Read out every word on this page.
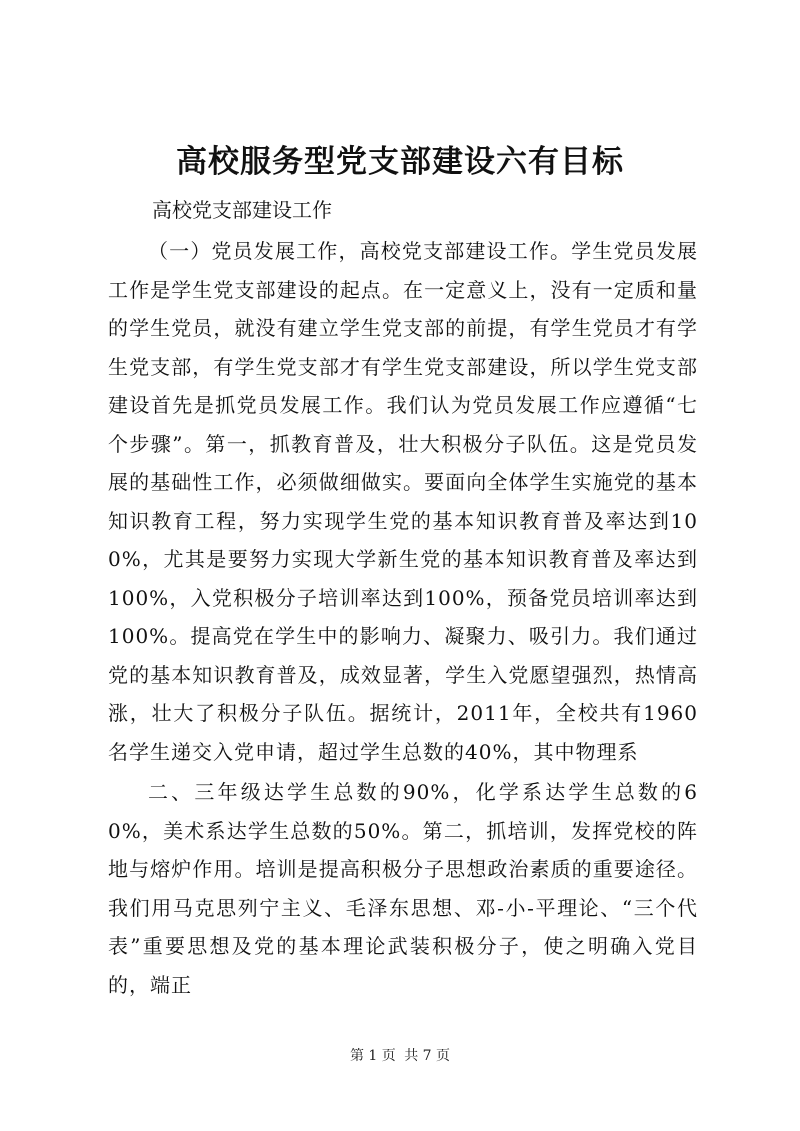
高校服务型党支部建设六有目标

高校党支部建设工作

（一）党员发展工作，高校党支部建设工作。学生党员发展工作是学生党支部建设的起点。在一定意义上，没有一定质和量的学生党员，就没有建立学生党支部的前提，有学生党员才有学生党支部，有学生党支部才有学生党支部建设，所以学生党支部建设首先是抓党员发展工作。我们认为党员发展工作应遵循“七个步骤”。第一，抓教育普及，壮大积极分子队伍。这是党员发展的基础性工作，必须做细做实。要面向全体学生实施党的基本知识教育工程，努力实现学生党的基本知识教育普及率达到100%，尤其是要努力实现大学新生党的基本知识教育普及率达到100%，入党积极分子培训率达到100%，预备党员培训率达到100%。提高党在学生中的影响力、凝聚力、吸引力。我们通过党的基本知识教育普及，成效显著，学生入党愿望强烈，热情高涨，壮大了积极分子队伍。据统计，2011年，全校共有1960名学生递交入党申请，超过学生总数的40%，其中物理系

二、三年级达学生总数的90%，化学系达学生总数的60%，美术系达学生总数的50%。第二，抓培训，发挥党校的阵地与熔炉作用。培训是提高积极分子思想政治素质的重要途径。我们用马克思列宁主义、毛泽东思想、邓-小-平理论、“三个代表”重要思想及党的基本理论武装积极分子，使之明确入党目的，端正

第 1 页 共 7 页
